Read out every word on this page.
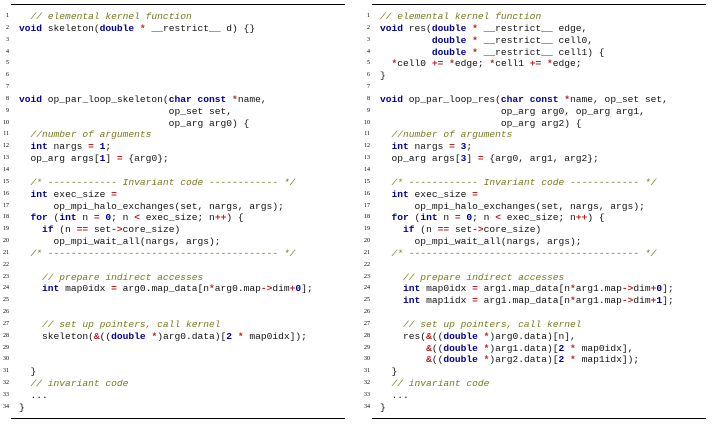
1	// elemental kernel function
2 void skeleton(double * __restrict__ d) {}
3
4
5
6
7
8 void op_par_loop_skeleton(char const *name,
9 op_set set,
10 op_arg arg0) {
11	//number of arguments
12	int nargs = 1;
13 op_arg args[1] = {arg0};
14
15	/* ------------ Invariant code ------------ */
16	int exec_size =
17 op_mpi_halo_exchanges(set, nargs, args);
18	for (int n = 0; n < exec_size; n++) {
19	if (n == set->core_size)
20 op_mpi_wait_all(nargs, args);
21	/* ---------------------------------------- */
22
23	// prepare indirect accesses
24	int map0idx = arg0.map_data[n*arg0.map->dim+0];
25
26
27	// set up pointers, call kernel
28 skeleton(&((double *)arg0.data)[2 * map0idx]);
29
30
31 }
32	// invariant code
33 ...
34 }
1 // elemental kernel function
2 void res(double * __restrict__ edge,
3	double * __restrict__ cell0,
4	double * __restrict__ cell1) {
5	*cell0 += *edge; *cell1 += *edge;
6 }
7
8 void op_par_loop_res(char const *name, op_set set,
9 op_arg arg0, op_arg arg1,
10 op_arg arg2) {
11	//number of arguments
12	int nargs = 3;
13 op_arg args[3] = {arg0, arg1, arg2};
14
15	/* ------------ Invariant code ------------ */
16	int exec_size =
17 op_mpi_halo_exchanges(set, nargs, args);
18	for (int n = 0; n < exec_size; n++) {
19	if (n == set->core_size)
20 op_mpi_wait_all(nargs, args);
21	/* ---------------------------------------- */
22
23	// prepare indirect accesses
24	int map0idx = arg1.map_data[n*arg1.map->dim+0];
25	int map1idx = arg1.map_data[n*arg1.map->dim+1];
26
27	// set up pointers, call kernel
28 res(&((double *)arg0.data)[n],
29	&((double *)arg1.data)[2 * map0idx],
30	&((double *)arg2.data)[2 * map1idx]);
31 }
32	// invariant code
33 ...
34 }
